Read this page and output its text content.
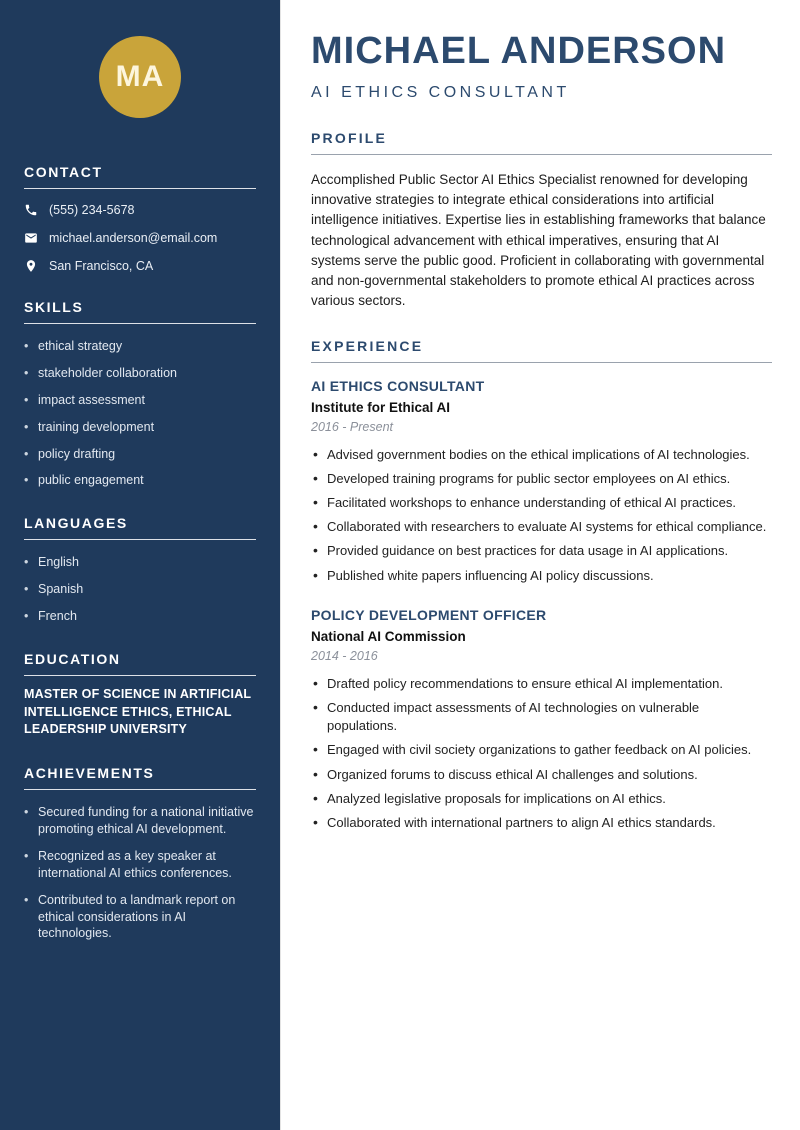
MA
CONTACT
(555) 234-5678
michael.anderson@email.com
San Francisco, CA
SKILLS
• ethical strategy
• stakeholder collaboration
• impact assessment
• training development
• policy drafting
• public engagement
LANGUAGES
• English
• Spanish
• French
EDUCATION
MASTER OF SCIENCE IN ARTIFICIAL INTELLIGENCE ETHICS, ETHICAL LEADERSHIP UNIVERSITY
ACHIEVEMENTS
• Secured funding for a national initiative promoting ethical AI development.
• Recognized as a key speaker at international AI ethics conferences.
• Contributed to a landmark report on ethical considerations in AI technologies.
MICHAEL ANDERSON
AI ETHICS CONSULTANT
PROFILE

Accomplished Public Sector AI Ethics Specialist renowned for developing innovative strategies to integrate ethical considerations into artificial intelligence initiatives. Expertise lies in establishing frameworks that balance technological advancement with ethical imperatives, ensuring that AI systems serve the public good. Proficient in collaborating with governmental and non-governmental stakeholders to promote ethical AI practices across various sectors.

EXPERIENCE
AI ETHICS CONSULTANT
Institute for Ethical AI
2016 - Present
• Advised government bodies on the ethical implications of AI technologies.
• Developed training programs for public sector employees on AI ethics.
• Facilitated workshops to enhance understanding of ethical AI practices.
• Collaborated with researchers to evaluate AI systems for ethical compliance.
• Provided guidance on best practices for data usage in AI applications.
• Published white papers influencing AI policy discussions.
POLICY DEVELOPMENT OFFICER
National AI Commission
2014 - 2016
• Drafted policy recommendations to ensure ethical AI implementation.
• Conducted impact assessments of AI technologies on vulnerable populations.
• Engaged with civil society organizations to gather feedback on AI policies.
• Organized forums to discuss ethical AI challenges and solutions.
• Analyzed legislative proposals for implications on AI ethics.
• Collaborated with international partners to align AI ethics standards.
